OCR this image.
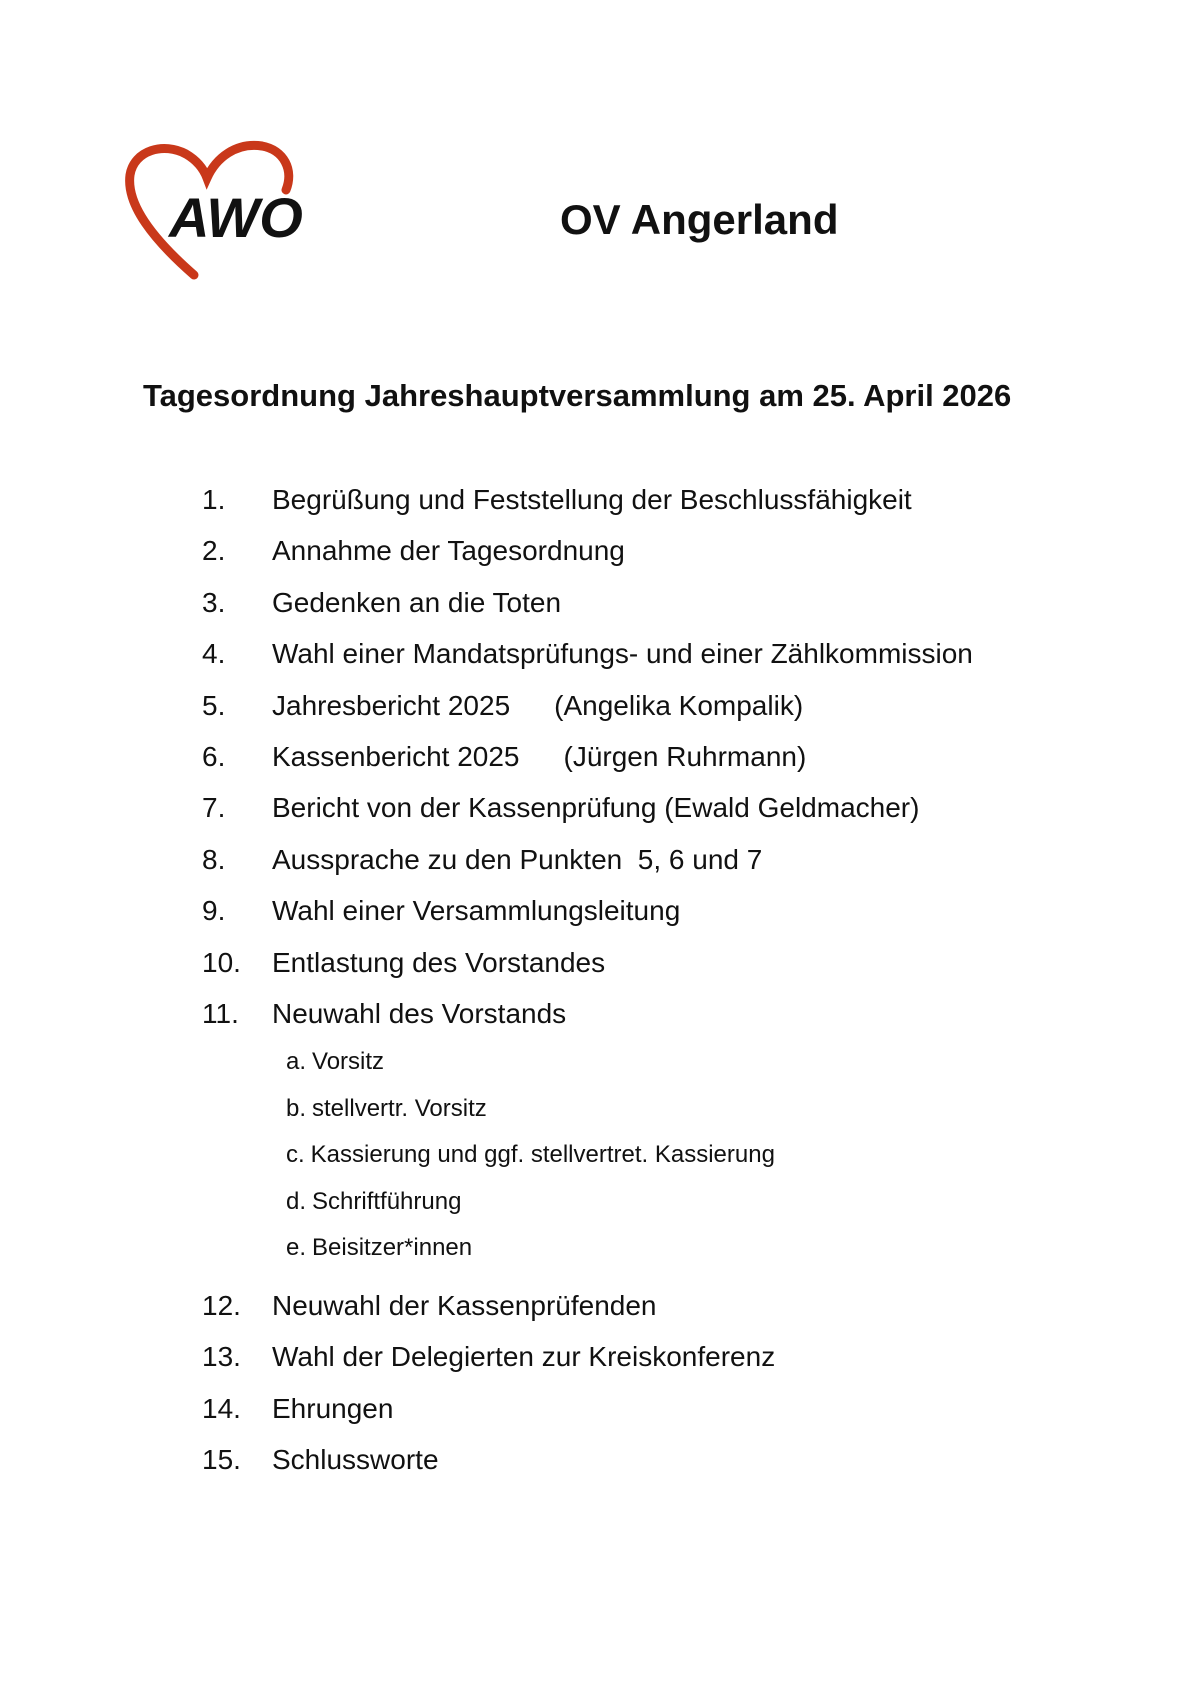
AWO	OV Angerland
Tagesordnung Jahreshauptversammlung am 25. April 2026
1. Begrüßung und Feststellung der Beschlussfähigkeit
2. Annahme der Tagesordnung
3. Gedenken an die Toten
4. Wahl einer Mandatsprüfungs- und einer Zählkommission
5. Jahresbericht 2025 (Angelika Kompalik)
6. Kassenbericht 2025 (Jürgen Ruhrmann)
7. Bericht von der Kassenprüfung (Ewald Geldmacher)
8. Aussprache zu den Punkten  5, 6 und 7
9. Wahl einer Versammlungsleitung
10. Entlastung des Vorstandes
11. Neuwahl des Vorstands
a. Vorsitz
b. stellvertr. Vorsitz
c. Kassierung und ggf. stellvertret. Kassierung
d. Schriftführung
e. Beisitzer*innen
12. Neuwahl der Kassenprüfenden
13. Wahl der Delegierten zur Kreiskonferenz
14. Ehrungen
15. Schlussworte
